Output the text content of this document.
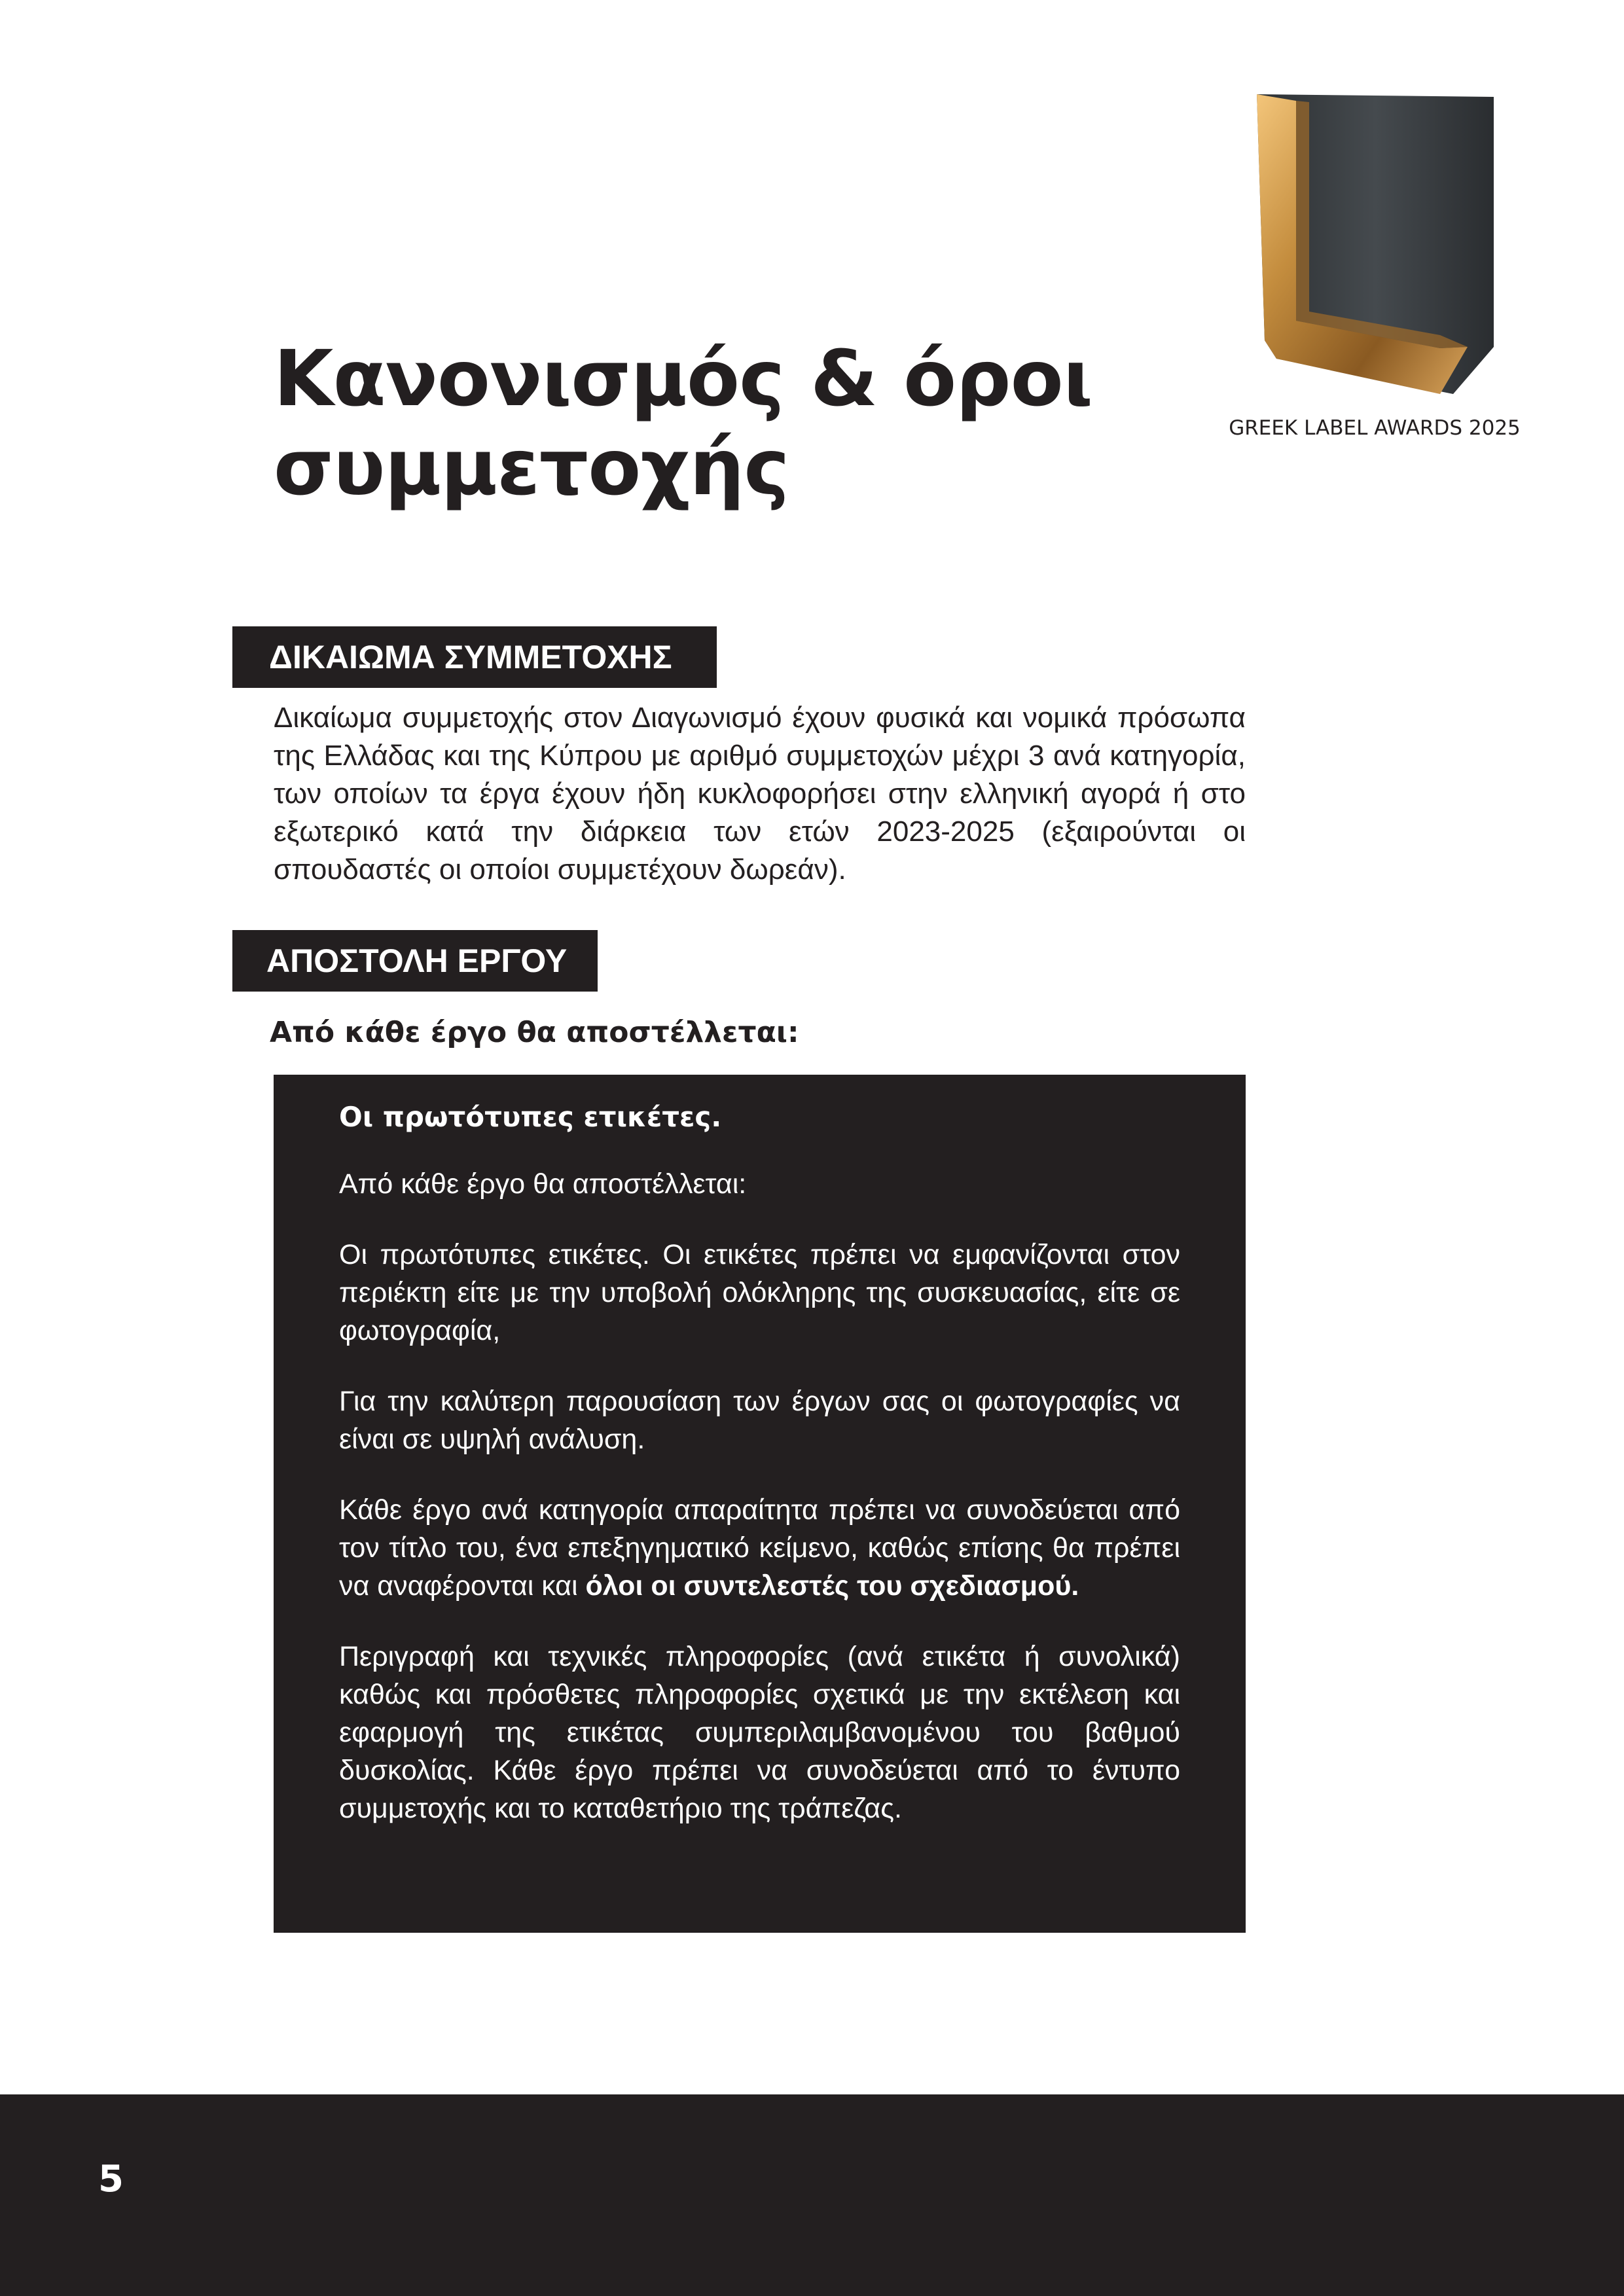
GREEK LABEL AWARDS 2025
Κανονισμός & όροι
συμμετοχής
ΔΙΚΑΙΩΜΑ ΣΥΜΜΕΤΟΧΗΣ

Δικαίωμα συμμετοχής στον Διαγωνισμό έχουν φυσικά και νομικά πρόσωπα της Ελλάδας και της Κύπρου με αριθμό συμμετοχών μέχρι 3 ανά κατηγορία, των οποίων τα έργα έχουν ήδη κυκλοφορήσει στην ελληνική αγορά ή στο εξωτερικό κατά την διάρκεια των ετών 2023-2025 (εξαιρούνται οι σπουδαστές οι οποίοι συμμετέχουν δωρεάν).

ΑΠΟΣΤΟΛΗ ΕΡΓΟΥ

Από κάθε έργο θα αποστέλλεται:

Οι πρωτότυπες ετικέτες.

Από κάθε έργο θα αποστέλλεται:

Οι πρωτότυπες ετικέτες. Οι ετικέτες πρέπει να εμφανίζονται στον περιέκτη είτε με την υποβολή ολόκληρης της συσκευασίας, είτε σε φωτογραφία,

Για την καλύτερη παρουσίαση των έργων σας οι φωτογραφίες να είναι σε υψηλή ανάλυση.

Κάθε έργο ανά κατηγορία απαραίτητα πρέπει να συνοδεύεται από τον τίτλο του, ένα επεξηγηματικό κείμενο, καθώς επίσης θα πρέπει να αναφέρονται και όλοι οι συντελεστές του σχεδιασμού.

Περιγραφή και τεχνικές πληροφορίες (ανά ετικέτα ή συνολικά) καθώς και πρόσθετες πληροφορίες σχετικά με την εκτέλεση και εφαρμογή της ετικέτας συμπεριλαμβανομένου του βαθμού δυσκολίας. Κάθε έργο πρέπει να συνοδεύεται από το έντυπο συμμετοχής και το καταθετήριο της τράπεζας.

5
